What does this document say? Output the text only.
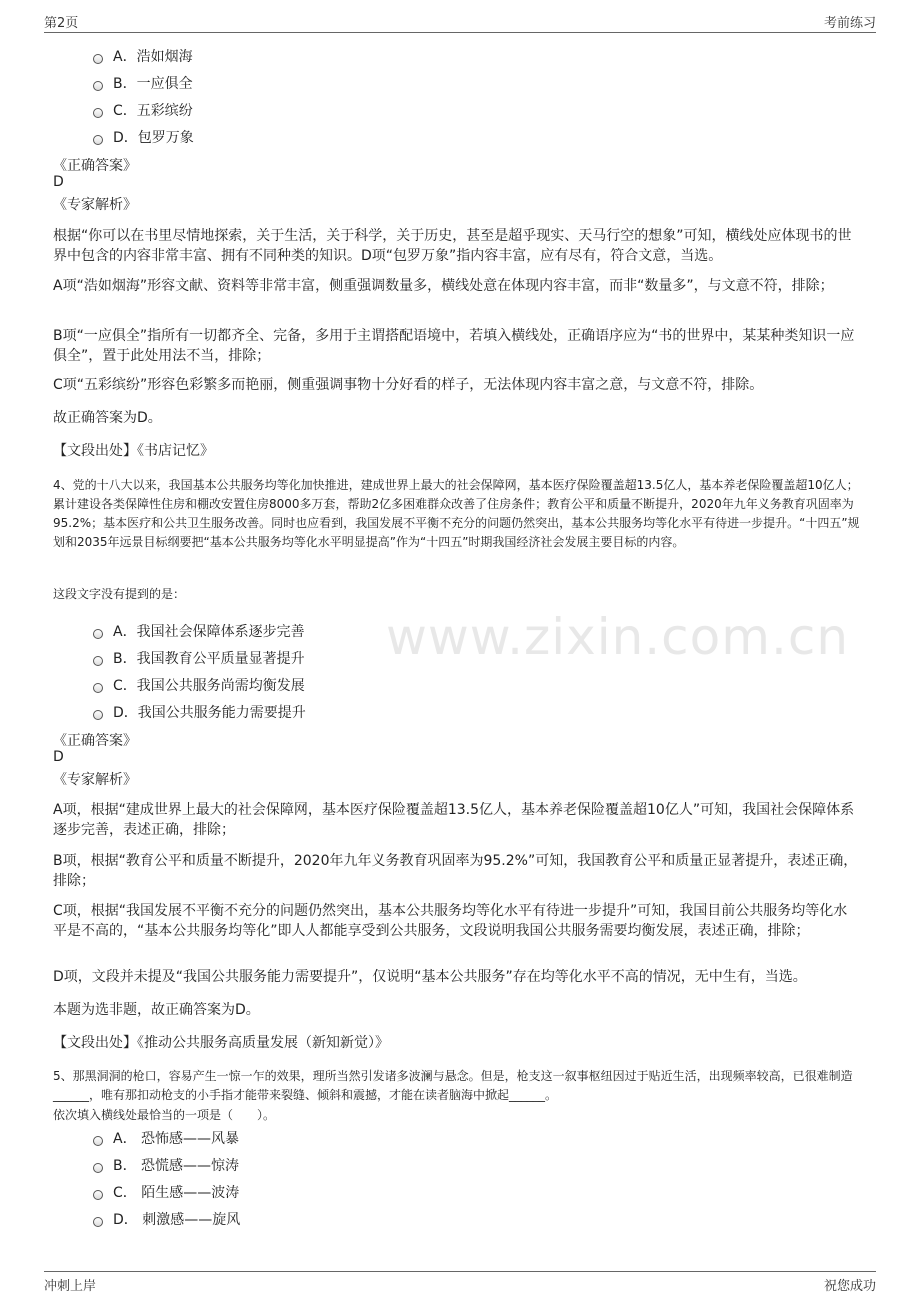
第2页	考前练习
www.zixin.com.cn
A．浩如烟海
B．一应俱全
C．五彩缤纷
D．包罗万象
《正确答案》
D
《专家解析》
根据“你可以在书里尽情地探索，关于生活，关于科学，关于历史，甚至是超乎现实、天马行空的想象”可知，横线处应体现书的世界中包含的内容非常丰富、拥有不同种类的知识。D项“包罗万象”指内容丰富，应有尽有，符合文意，当选。
A项“浩如烟海”形容文献、资料等非常丰富，侧重强调数量多，横线处意在体现内容丰富，而非“数量多”，与文意不符，排除；
B项“一应俱全”指所有一切都齐全、完备，多用于主谓搭配语境中，若填入横线处，正确语序应为“书的世界中，某某种类知识一应俱全”，置于此处用法不当，排除；
C项“五彩缤纷”形容色彩繁多而艳丽，侧重强调事物十分好看的样子，无法体现内容丰富之意，与文意不符，排除。
故正确答案为D。
【文段出处】《书店记忆》
4、党的十八大以来，我国基本公共服务均等化加快推进，建成世界上最大的社会保障网，基本医疗保险覆盖超13.5亿人，基本养老保险覆盖超10亿人；累计建设各类保障性住房和棚改安置住房8000多万套，帮助2亿多困难群众改善了住房条件；教育公平和质量不断提升，2020年九年义务教育巩固率为95.2%；基本医疗和公共卫生服务改善。同时也应看到，我国发展不平衡不充分的问题仍然突出，基本公共服务均等化水平有待进一步提升。“十四五”规划和2035年远景目标纲要把“基本公共服务均等化水平明显提高”作为“十四五”时期我国经济社会发展主要目标的内容。
这段文字没有提到的是：
A．我国社会保障体系逐步完善
B．我国教育公平质量显著提升
C．我国公共服务尚需均衡发展
D．我国公共服务能力需要提升
《正确答案》
D
《专家解析》
A项，根据“建成世界上最大的社会保障网，基本医疗保险覆盖超13.5亿人，基本养老保险覆盖超10亿人”可知，我国社会保障体系逐步完善，表述正确，排除；
B项，根据“教育公平和质量不断提升，2020年九年义务教育巩固率为95.2%”可知，我国教育公平和质量正显著提升，表述正确，排除；
C项，根据“我国发展不平衡不充分的问题仍然突出，基本公共服务均等化水平有待进一步提升”可知，我国目前公共服务均等化水平是不高的，“基本公共服务均等化”即人人都能享受到公共服务，文段说明我国公共服务需要均衡发展，表述正确，排除；
D项，文段并未提及“我国公共服务能力需要提升”，仅说明“基本公共服务”存在均等化水平不高的情况，无中生有，当选。
本题为选非题，故正确答案为D。
【文段出处】《推动公共服务高质量发展（新知新觉）》
5、那黑洞洞的枪口，容易产生一惊一乍的效果，理所当然引发诸多波澜与悬念。但是，枪支这一叙事枢纽因过于贴近生活，出现频率较高，已很难制造______，唯有那扣动枪支的小手指才能带来裂缝、倾斜和震撼，才能在读者脑海中掀起______。
依次填入横线处最恰当的一项是（　　）。
A． 恐怖感——风暴
B． 恐慌感——惊涛
C． 陌生感——波涛
D． 刺激感——旋风
冲刺上岸	祝您成功
